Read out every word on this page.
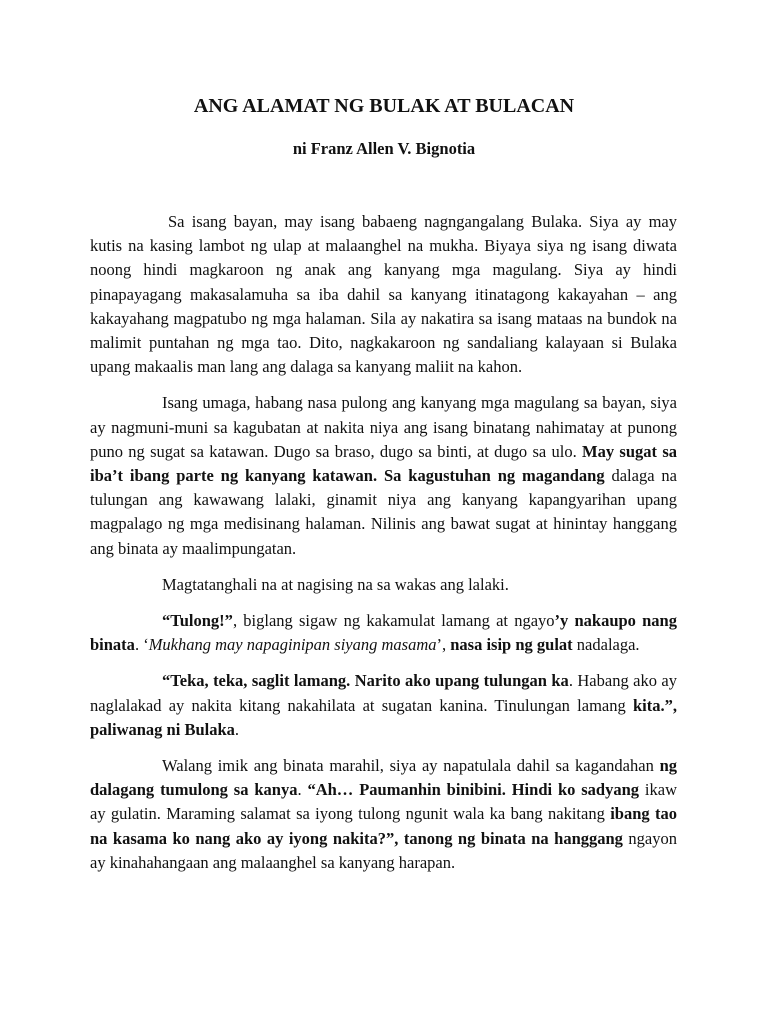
ANG ALAMAT NG BULAK AT BULACAN
ni Franz Allen V. Bignotia

Sa isang bayan, may isang babaeng nagngangalang Bulaka. Siya ay may kutis na kasing lambot ng ulap at malaanghel na mukha. Biyaya siya ng isang diwata noong hindi magkaroon ng anak ang kanyang mga magulang. Siya ay hindi pinapayagang makasalamuha sa iba dahil sa kanyang itinatagong kakayahan – ang kakayahang magpatubo ng mga halaman. Sila ay nakatira sa isang mataas na bundok na malimit puntahan ng mga tao. Dito, nagkakaroon ng sandaliang kalayaan si Bulaka upang makaalis man lang ang dalaga sa kanyang maliit na kahon.

Isang umaga, habang nasa pulong ang kanyang mga magulang sa bayan, siya ay nagmuni-muni sa kagubatan at nakita niya ang isang binatang nahimatay at punong puno ng sugat sa katawan. Dugo sa braso, dugo sa binti, at dugo sa ulo. May sugat sa iba’t ibang parte ng kanyang katawan. Sa kagustuhan ng magandang dalaga na tulungan ang kawawang lalaki, ginamit niya ang kanyang kapangyarihan upang magpalago ng mga medisinang halaman. Nilinis ang bawat sugat at hinintay hanggang ang binata ay maalimpungatan.

Magtatanghali na at nagising na sa wakas ang lalaki.

“Tulong!”, biglang sigaw ng kakamulat lamang at ngayo’y nakaupo nang binata. ‘Mukhang may napaginipan siyang masama’, nasa isip ng gulat nadalaga.

“Teka, teka, saglit lamang. Narito ako upang tulungan ka. Habang ako ay naglalakad ay nakita kitang nakahilata at sugatan kanina. Tinulungan lamang kita.”, paliwanag ni Bulaka.

Walang imik ang binata marahil, siya ay napatulala dahil sa kagandahan ng dalagang tumulong sa kanya. “Ah… Paumanhin binibini. Hindi ko sadyang ikaw ay gulatin. Maraming salamat sa iyong tulong ngunit wala ka bang nakitang ibang tao na kasama ko nang ako ay iyong nakita?”, tanong ng binata na hanggang ngayon ay kinahahangaan ang malaanghel sa kanyang harapan.
